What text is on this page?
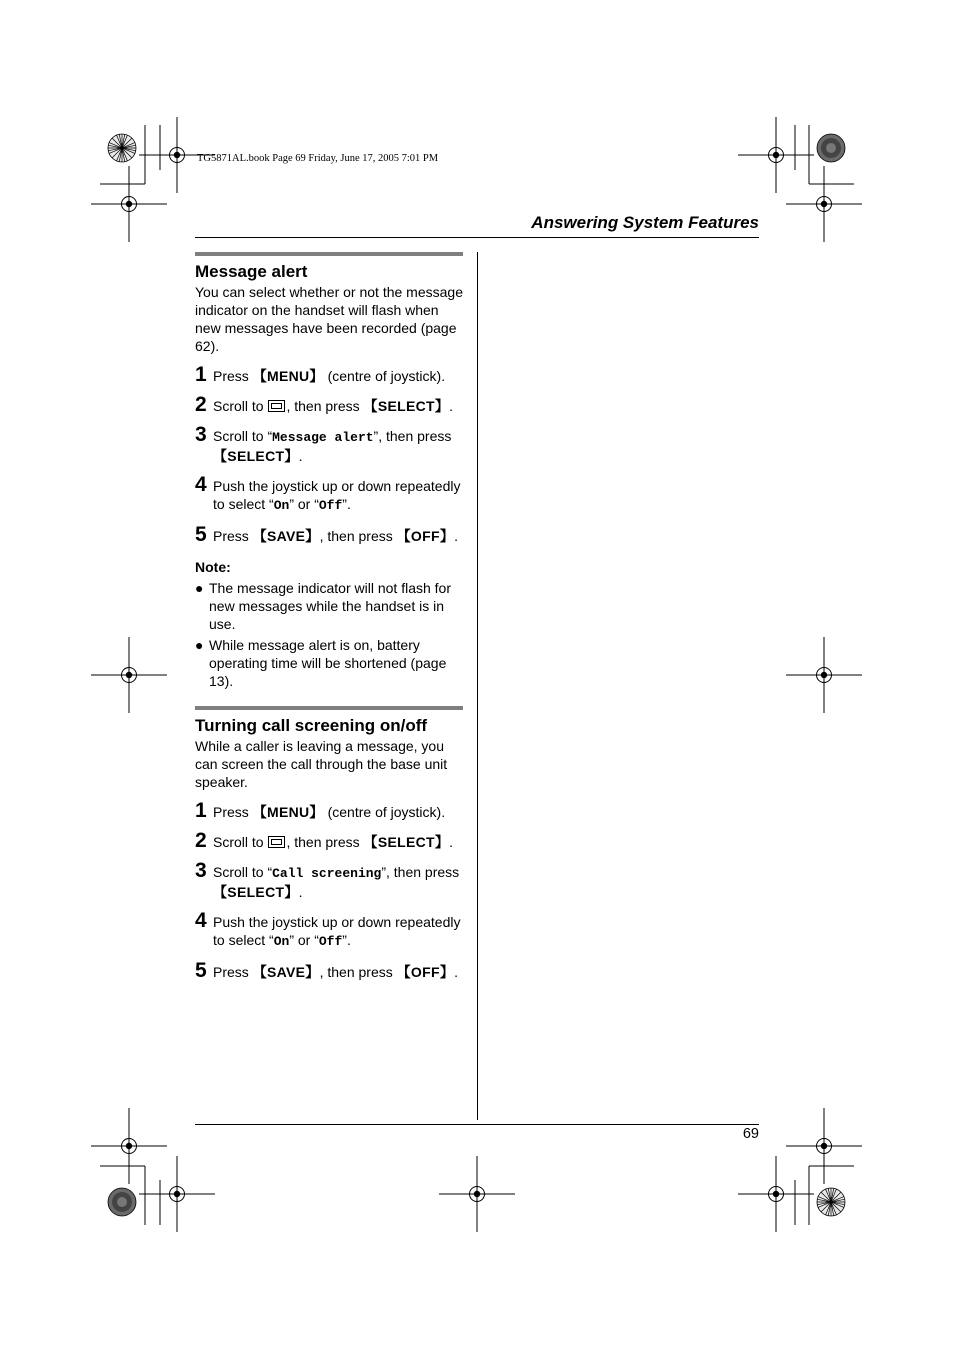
TG5871AL.book Page 69 Friday, June 17, 2005 7:01 PM
Answering System Features
Message alert
You can select whether or not the message indicator on the handset will flash when new messages have been recorded (page 62).
1 Press 【MENU】 (centre of joystick).
2 Scroll to , then press 【SELECT】.
3 Scroll to “Message alert”, then press 【SELECT】.
4 Push the joystick up or down repeatedly to select “On” or “Off”.
5 Press 【SAVE】, then press 【OFF】.
Note:
● The message indicator will not flash for new messages while the handset is in use.
● While message alert is on, battery operating time will be shortened (page 13).
Turning call screening on/off
While a caller is leaving a message, you can screen the call through the base unit speaker.
1 Press 【MENU】 (centre of joystick).
2 Scroll to , then press 【SELECT】.
3 Scroll to “Call screening”, then press 【SELECT】.
4 Push the joystick up or down repeatedly to select “On” or “Off”.
5 Press 【SAVE】, then press 【OFF】.
69
